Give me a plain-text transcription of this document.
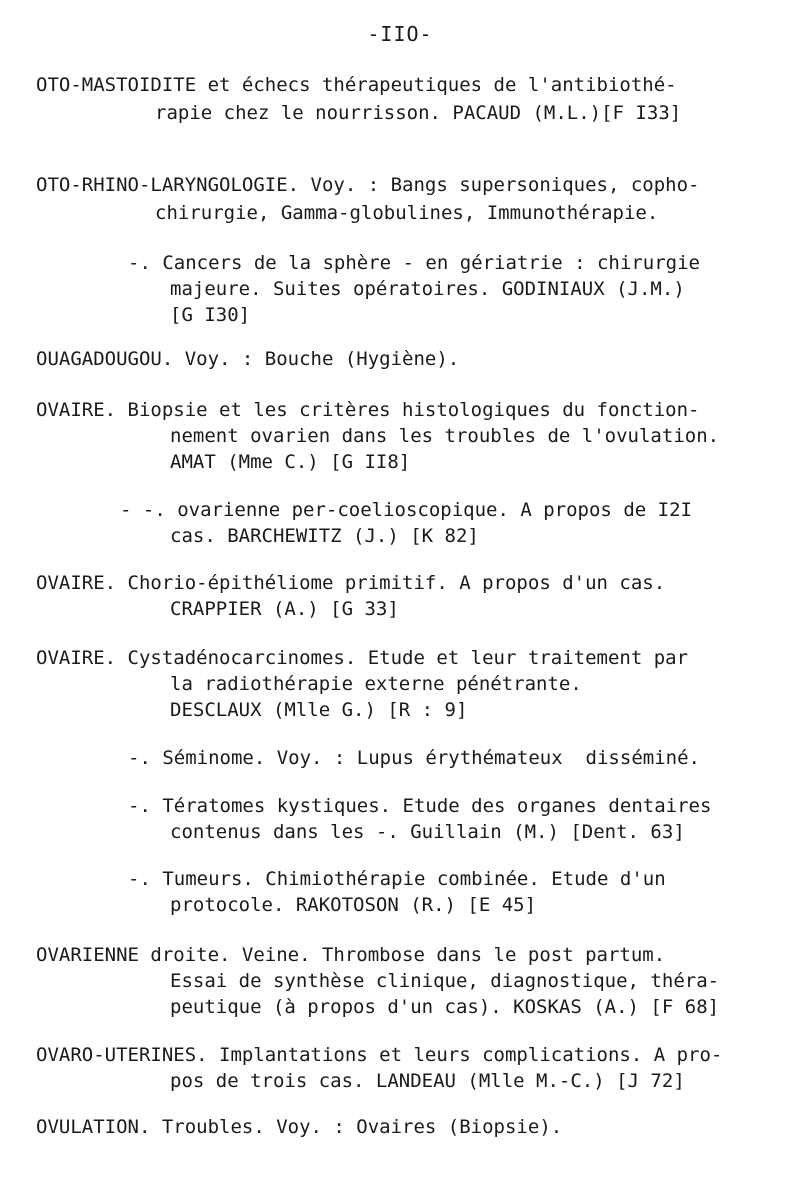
-IIO-
OTO-MASTOIDITE et échecs thérapeutiques de l'antibiothé-
rapie chez le nourrisson. PACAUD (M.L.)[F I33]
OTO-RHINO-LARYNGOLOGIE. Voy. : Bangs supersoniques, copho-
chirurgie, Gamma-globulines, Immunothérapie.
-. Cancers de la sphère - en gériatrie : chirurgie
majeure. Suites opératoires. GODINIAUX (J.M.)
[G I30]
OUAGADOUGOU. Voy. : Bouche (Hygiène).
OVAIRE. Biopsie et les critères histologiques du fonction-
nement ovarien dans les troubles de l'ovulation.
AMAT (Mme C.) [G II8]
- -. ovarienne per-coelioscopique. A propos de I2I
cas. BARCHEWITZ (J.) [K 82]
OVAIRE. Chorio-épithéliome primitif. A propos d'un cas.
CRAPPIER (A.) [G 33]
OVAIRE. Cystadénocarcinomes. Etude et leur traitement par
la radiothérapie externe pénétrante.
DESCLAUX (Mlle G.) [R : 9]
-. Séminome. Voy. : Lupus érythémateux  disséminé.
-. Tératomes kystiques. Etude des organes dentaires
contenus dans les -. Guillain (M.) [Dent. 63]
-. Tumeurs. Chimiothérapie combinée. Etude d'un
protocole. RAKOTOSON (R.) [E 45]
OVARIENNE droite. Veine. Thrombose dans le post partum.
Essai de synthèse clinique, diagnostique, théra-
peutique (à propos d'un cas). KOSKAS (A.) [F 68]
OVARO-UTERINES. Implantations et leurs complications. A pro-
pos de trois cas. LANDEAU (Mlle M.-C.) [J 72]
OVULATION. Troubles. Voy. : Ovaires (Biopsie).
